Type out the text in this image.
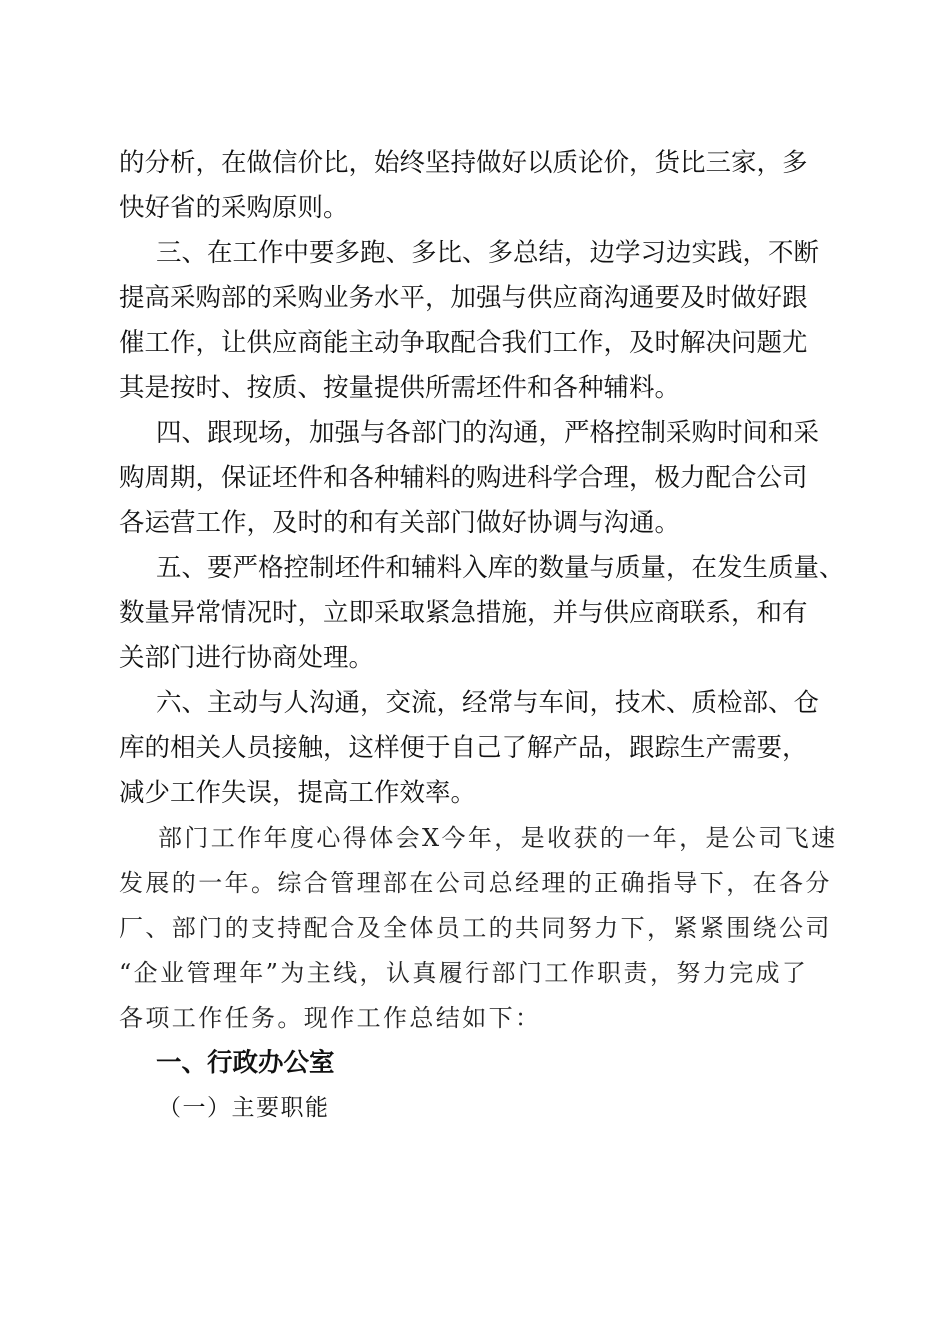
的分析，在做信价比，始终坚持做好以质论价，货比三家，多
快好省的采购原则。
三、在工作中要多跑、多比、多总结，边学习边实践，不断
提高采购部的采购业务水平，加强与供应商沟通要及时做好跟
催工作，让供应商能主动争取配合我们工作，及时解决问题尤
其是按时、按质、按量提供所需坯件和各种辅料。
四、跟现场，加强与各部门的沟通，严格控制采购时间和采
购周期，保证坯件和各种辅料的购进科学合理，极力配合公司
各运营工作，及时的和有关部门做好协调与沟通。
五、要严格控制坯件和辅料入库的数量与质量，在发生质量、
数量异常情况时，立即采取紧急措施，并与供应商联系，和有
关部门进行协商处理。
六、主动与人沟通，交流，经常与车间，技术、质检部、仓
库的相关人员接触，这样便于自己了解产品，跟踪生产需要，
减少工作失误，提高工作效率。
部门工作年度心得体会X今年，是收获的一年，是公司飞速
发展的一年。综合管理部在公司总经理的正确指导下，在各分
厂、部门的支持配合及全体员工的共同努力下，紧紧围绕公司
“企业管理年”为主线，认真履行部门工作职责，努力完成了
各项工作任务。现作工作总结如下：
一、行政办公室
（一）主要职能
